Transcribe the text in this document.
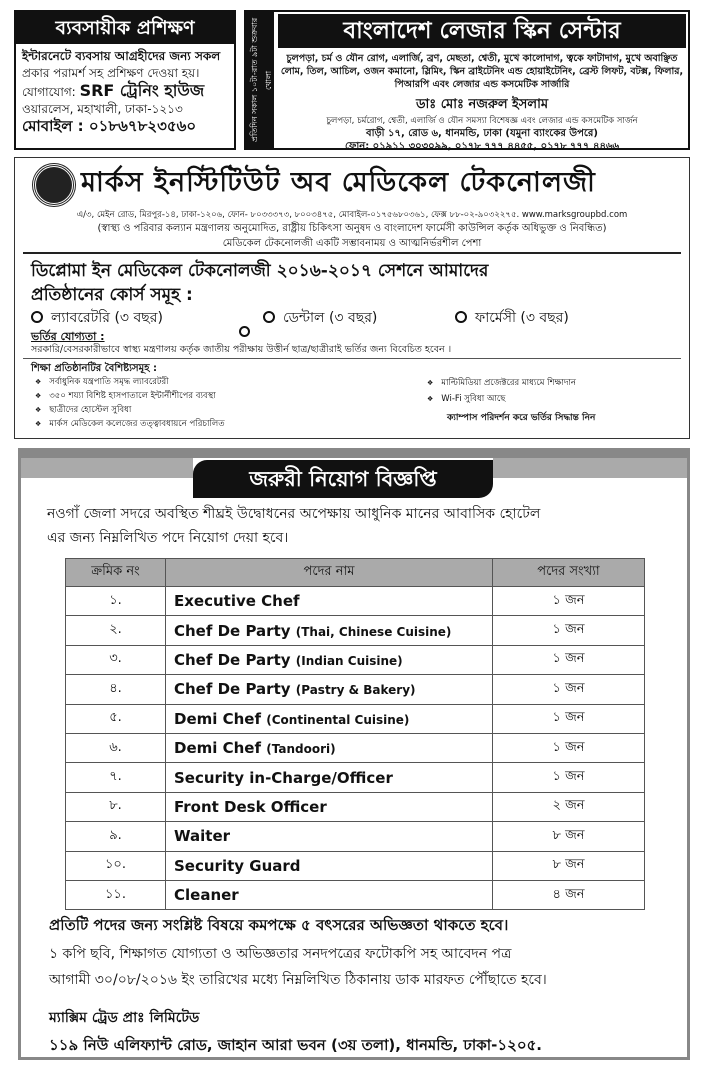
ব্যবসায়ীক প্রশিক্ষণ
ইন্টারনেটে ব্যবসায় আগ্রহীদের জন্য সকল
প্রকার পরামর্শ সহ প্রশিক্ষণ দেওয়া হয়।
যোগাযোগ: SRF ট্রেনিং হাউজ
ওয়ারলেস, মহাখালী, ঢাকা-১২১৩
মোবাইল : ০১৮৬৭৮২৩৫৬০	প্রতিদিন সকাল ১০টা-রাত ৯টা শুক্রবার খোলা
বাংলাদেশ লেজার স্কিন সেন্টার
চুলপড়া, চর্ম ও যৌন রোগ, এলার্জি, ব্রণ, মেছতা, শ্বেতী, মুখে কালোদাগ, ত্বকে ফাটাদাগ, মুখে অবাঞ্ছিত লোম, তিল, আচিল, ওজন কমানো, স্লিমিং, স্কিন ব্রাইটেনিং এন্ড হোয়াইটেনিং, ব্রেস্ট লিফট, বটক্স, ফিলার, পিআরপি এবং লেজার এন্ড কসমেটিক সার্জারি
ডাঃ মোঃ নজরুল ইসলাম
চুলপড়া, চর্মরোগ, শ্বেতী, এলার্জি ও যৌন সমস্যা বিশেষজ্ঞ এবং লেজার এন্ড কসমেটিক সার্জন
বাড়ী ১৭, রোড ৬, ধানমন্ডি, ঢাকা (যমুনা ব্যাংকের উপরে)
ফোন: ০১৯১১ ৩০৩০৯৯, ০১৭৮ ৭৭৭ ৪৪৫৫, ০১৭৮ ৭৭৭ ৪৪৬৬
মার্কস ইনস্টিটিউট অব মেডিকেল টেকনোলজী
এ/৩, মেইন রোড, মিরপুর-১৪, ঢাকা-১২০৬, ফোন- ৮০৩৩৩৭৩, ৮০০৩৪৭৫, মোবাইল-০১৭৫৬৮০৩৬১, ফেক্স ৮৮-০২-৯০৩২২৭৫. www.marksgroupbd.com
(স্বাস্থ্য ও পরিবার কল্যান মন্ত্রণালয় অনুমোদিত, রাষ্ট্রীয় চিকিৎসা অনুষদ ও বাংলাদেশ ফার্মেসী কাউন্সিল কর্তৃক অধিভুক্ত ও নিবন্ধিত)
মেডিকেল টেকনোলজী একটি সম্ভাবনাময় ও আত্মনির্ভরশীল পেশা
ডিপ্লোমা ইন মেডিকেল টেকনোলজী ২০১৬-২০১৭ সেশনে আমাদের
প্রতিষ্ঠানের কোর্স সমূহ :
ল্যাবরেটরি (৩ বছর)	ডেন্টাল (৩ বছর)	ফার্মেসী (৩ বছর)
ভর্তির যোগ্যতা :
সরকারি/বেসরকারীভাবে স্বাস্থ্য মন্ত্রণালয় কর্তৃক জাতীয় পরীক্ষায় উত্তীর্ন ছাত্র/ছাত্রীরাই ভর্তির জন্য বিবেচিত হবেন ।
শিক্ষা প্রতিষ্ঠানটির বৈশিষ্ট্যসমূহ :
❖ সর্বাধুনিক যন্ত্রপাতি সমৃদ্ধ ল্যাবরেটরী
❖ ৩৫০ শয্যা বিশিষ্ট হাসপাতালে ইন্টার্নীশীপের ব্যবস্থা
❖ ছাত্রীদের হোস্টেল সুবিধা
❖ মার্কস মেডিকেল কলেজের তত্ত্বাবধায়নে পরিচালিত
❖ মাল্টিমিডিয়া প্রজেক্টরের মাধ্যমে শিক্ষাদান
❖ Wi-Fi সুবিধা আছে
ক্যাম্পাস পরিদর্শন করে ভর্তির সিদ্ধান্ত নিন
জরুরী নিয়োগ বিজ্ঞপ্তি
নওগাঁ জেলা সদরে অবস্থিত শীঘ্রই উদ্বোধনের অপেক্ষায় আধুনিক মানের আবাসিক হোটেল
এর জন্য নিম্নলিখিত পদে নিয়োগ দেয়া হবে।
ক্রমিক নং	পদের নাম	পদের সংখ্যা
১.	Executive Chef	১ জন
২.	Chef De Party (Thai, Chinese Cuisine)	১ জন
৩.	Chef De Party (Indian Cuisine)	১ জন
৪.	Chef De Party (Pastry & Bakery)	১ জন
৫.	Demi Chef (Continental Cuisine)	১ জন
৬.	Demi Chef (Tandoori)	১ জন
৭.	Security in-Charge/Officer	১ জন
৮.	Front Desk Officer	২ জন
৯.	Waiter	৮ জন
১০.	Security Guard	৮ জন
১১.	Cleaner	৪ জন
প্রতিটি পদের জন্য সংশ্লিষ্ট বিষয়ে কমপক্ষে ৫ বৎসরের অভিজ্ঞতা থাকতে হবে।
১ কপি ছবি, শিক্ষাগত যোগ্যতা ও অভিজ্ঞতার সনদপত্রের ফটোকপি সহ আবেদন পত্র
আগামী ৩০/০৮/২০১৬ ইং তারিখের মধ্যে নিম্নলিখিত ঠিকানায় ডাক মারফত পৌঁছাতে হবে।
ম্যাক্সিম ট্রেড প্রাঃ লিমিটেড
১১৯ নিউ এলিফ্যান্ট রোড, জাহান আরা ভবন (৩য় তলা), ধানমন্ডি, ঢাকা-১২০৫.
